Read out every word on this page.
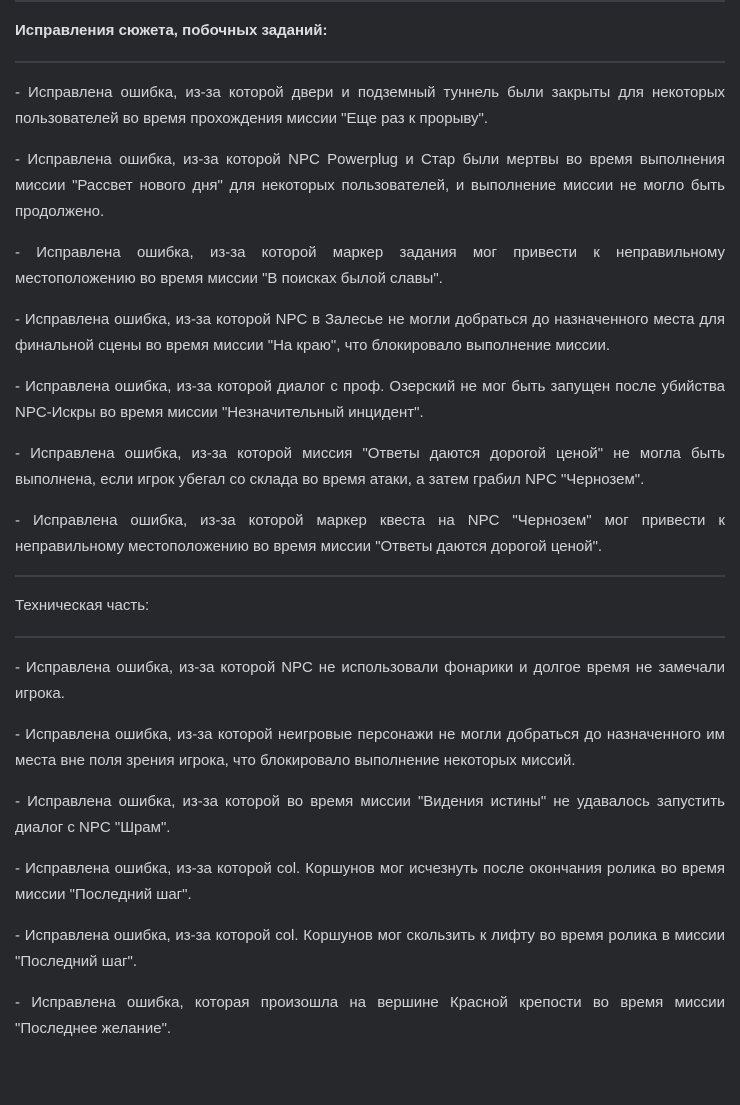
Исправления сюжета, побочных заданий:

- Исправлена ошибка, из-за которой двери и подземный туннель были закрыты для некоторых пользователей во время прохождения миссии "Еще раз к прорыву".

- Исправлена ошибка, из-за которой NPC Powerplug и Стар были мертвы во время выполнения миссии "Рассвет нового дня" для некоторых пользователей, и выполнение миссии не могло быть продолжено.

- Исправлена ошибка, из-за которой маркер задания мог привести к неправильному местоположению во время миссии "В поисках былой славы".

- Исправлена ошибка, из-за которой NPC в Залесье не могли добраться до назначенного места для финальной сцены во время миссии "На краю", что блокировало выполнение миссии.

- Исправлена ошибка, из-за которой диалог с проф. Озерский не мог быть запущен после убийства NPC-Искры во время миссии "Незначительный инцидент".

- Исправлена ошибка, из-за которой миссия "Ответы даются дорогой ценой" не могла быть выполнена, если игрок убегал со склада во время атаки, а затем грабил NPC "Чернозем".

- Исправлена ошибка, из-за которой маркер квеста на NPC "Чернозем" мог привести к неправильному местоположению во время миссии "Ответы даются дорогой ценой".

Техническая часть:

- Исправлена ошибка, из-за которой NPC не использовали фонарики и долгое время не замечали игрока.

- Исправлена ошибка, из-за которой неигровые персонажи не могли добраться до назначенного им места вне поля зрения игрока, что блокировало выполнение некоторых миссий.

- Исправлена ошибка, из-за которой во время миссии "Видения истины" не удавалось запустить диалог с NPC "Шрам".

- Исправлена ошибка, из-за которой col. Коршунов мог исчезнуть после окончания ролика во время миссии "Последний шаг".

- Исправлена ошибка, из-за которой col. Коршунов мог скользить к лифту во время ролика в миссии "Последний шаг".

- Исправлена ошибка, которая произошла на вершине Красной крепости во время миссии "Последнее желание".
